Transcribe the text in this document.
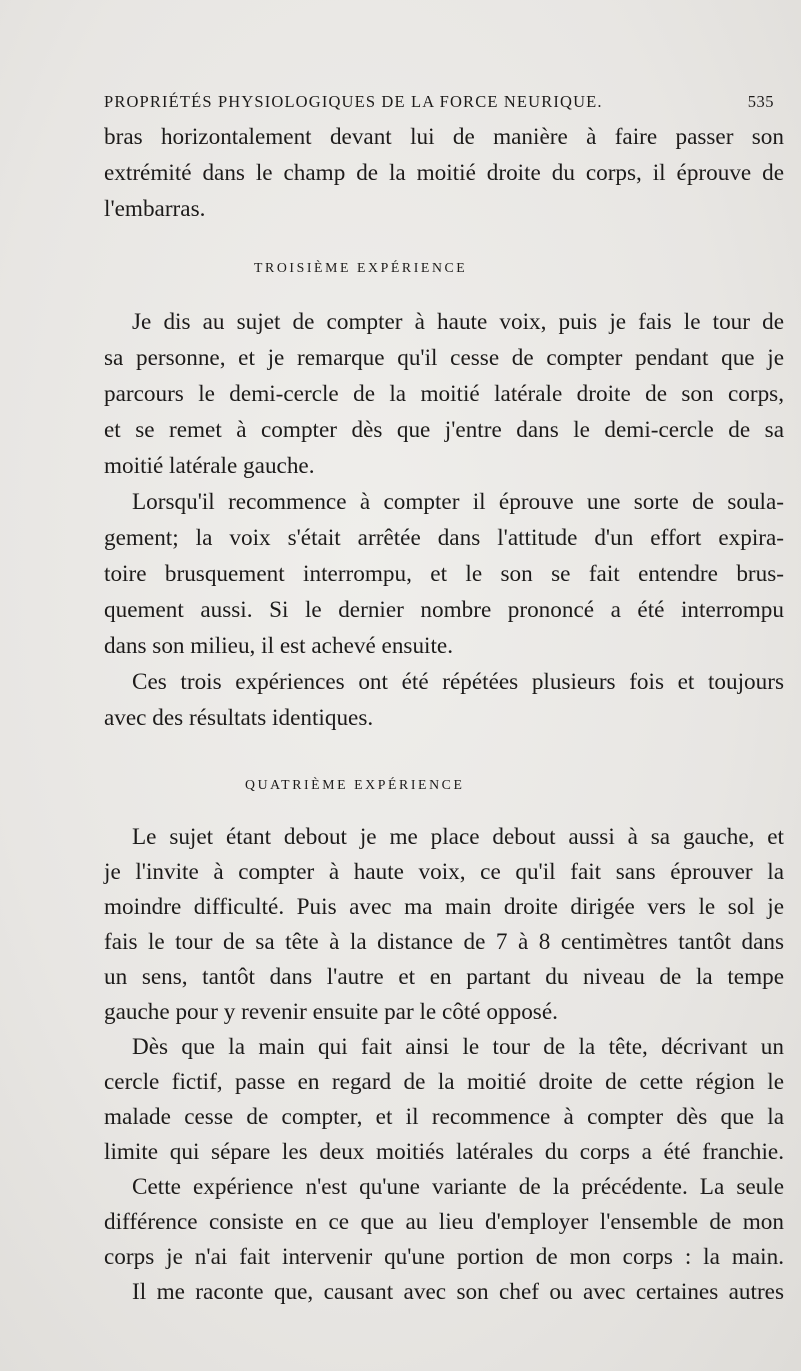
PROPRIÉTÉS PHYSIOLOGIQUES DE LA FORCE NEURIQUE.	535
bras horizontalement devant lui de manière à faire passer son
extrémité dans le champ de la moitié droite du corps, il éprouve de
l'embarras.
TROISIÈME EXPÉRIENCE
Je dis au sujet de compter à haute voix, puis je fais le tour de
sa personne, et je remarque qu'il cesse de compter pendant que je
parcours le demi-cercle de la moitié latérale droite de son corps,
et se remet à compter dès que j'entre dans le demi-cercle de sa
moitié latérale gauche.
Lorsqu'il recommence à compter il éprouve une sorte de soula-
gement; la voix s'était arrêtée dans l'attitude d'un effort expira-
toire brusquement interrompu, et le son se fait entendre brus-
quement aussi. Si le dernier nombre prononcé a été interrompu
dans son milieu, il est achevé ensuite.
Ces trois expériences ont été répétées plusieurs fois et toujours
avec des résultats identiques.
QUATRIÈME EXPÉRIENCE
Le sujet étant debout je me place debout aussi à sa gauche, et
je l'invite à compter à haute voix, ce qu'il fait sans éprouver la
moindre difficulté. Puis avec ma main droite dirigée vers le sol je
fais le tour de sa tête à la distance de 7 à 8 centimètres tantôt dans
un sens, tantôt dans l'autre et en partant du niveau de la tempe
gauche pour y revenir ensuite par le côté opposé.
Dès que la main qui fait ainsi le tour de la tête, décrivant un
cercle fictif, passe en regard de la moitié droite de cette région le
malade cesse de compter, et il recommence à compter dès que la
limite qui sépare les deux moitiés latérales du corps a été franchie.
Cette expérience n'est qu'une variante de la précédente. La seule
différence consiste en ce que au lieu d'employer l'ensemble de mon
corps je n'ai fait intervenir qu'une portion de mon corps : la main.
Il me raconte que, causant avec son chef ou avec certaines autres
